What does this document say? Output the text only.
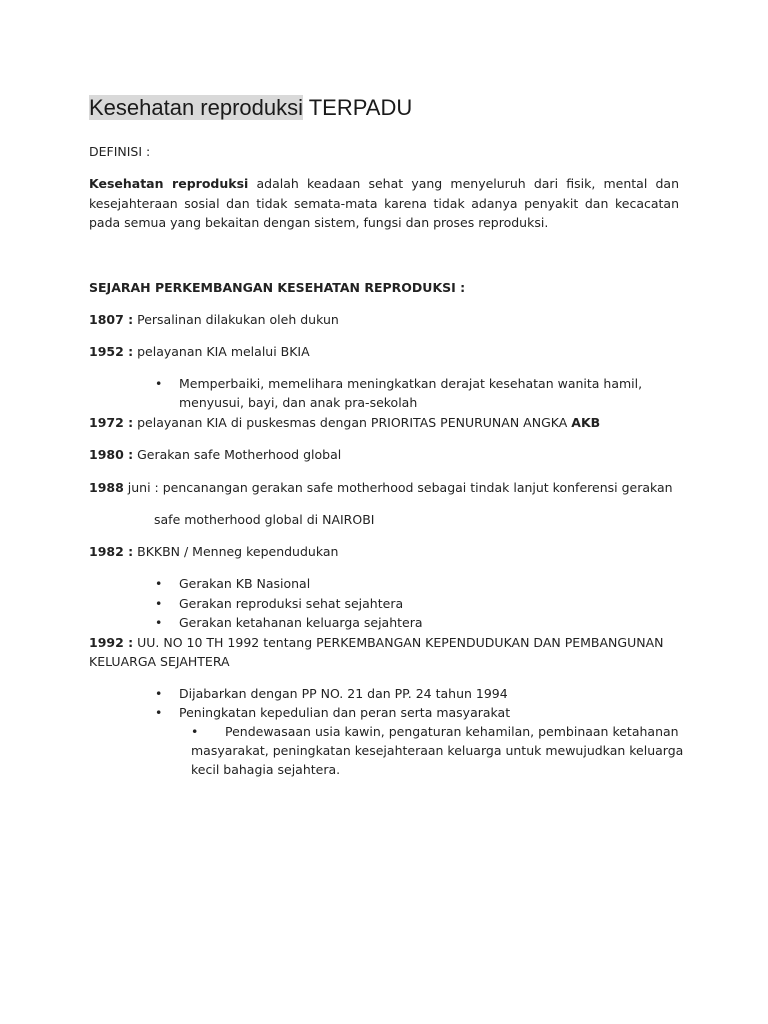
Kesehatan reproduksi TERPADU
DEFINISI :
Kesehatan reproduksi adalah keadaan sehat yang menyeluruh dari fisik, mental dan kesejahteraan sosial dan tidak semata-mata karena tidak adanya penyakit dan kecacatan pada semua yang bekaitan dengan sistem, fungsi dan proses reproduksi.
SEJARAH PERKEMBANGAN KESEHATAN REPRODUKSI :
1807 : Persalinan dilakukan oleh dukun
1952 : pelayanan KIA melalui BKIA
• Memperbaiki, memelihara meningkatkan derajat kesehatan wanita hamil,
menyusui, bayi, dan anak pra-sekolah
1972 : pelayanan KIA di puskesmas dengan PRIORITAS PENURUNAN ANGKA AKB
1980 : Gerakan safe Motherhood global
1988 juni : pencanangan gerakan safe motherhood sebagai tindak lanjut konferensi gerakan
safe motherhood global di NAIROBI
1982 : BKKBN / Menneg kependudukan
• Gerakan KB Nasional
• Gerakan reproduksi sehat sejahtera
• Gerakan ketahanan keluarga sejahtera
1992 : UU. NO 10 TH 1992 tentang PERKEMBANGAN KEPENDUDUKAN DAN PEMBANGUNAN
KELUARGA SEJAHTERA
• Dijabarkan dengan PP NO. 21 dan PP. 24 tahun 1994
• Peningkatan kepedulian dan peran serta masyarakat
• Pendewasaan usia kawin, pengaturan kehamilan, pembinaan ketahanan
masyarakat, peningkatan kesejahteraan keluarga untuk mewujudkan keluarga
kecil bahagia sejahtera.
